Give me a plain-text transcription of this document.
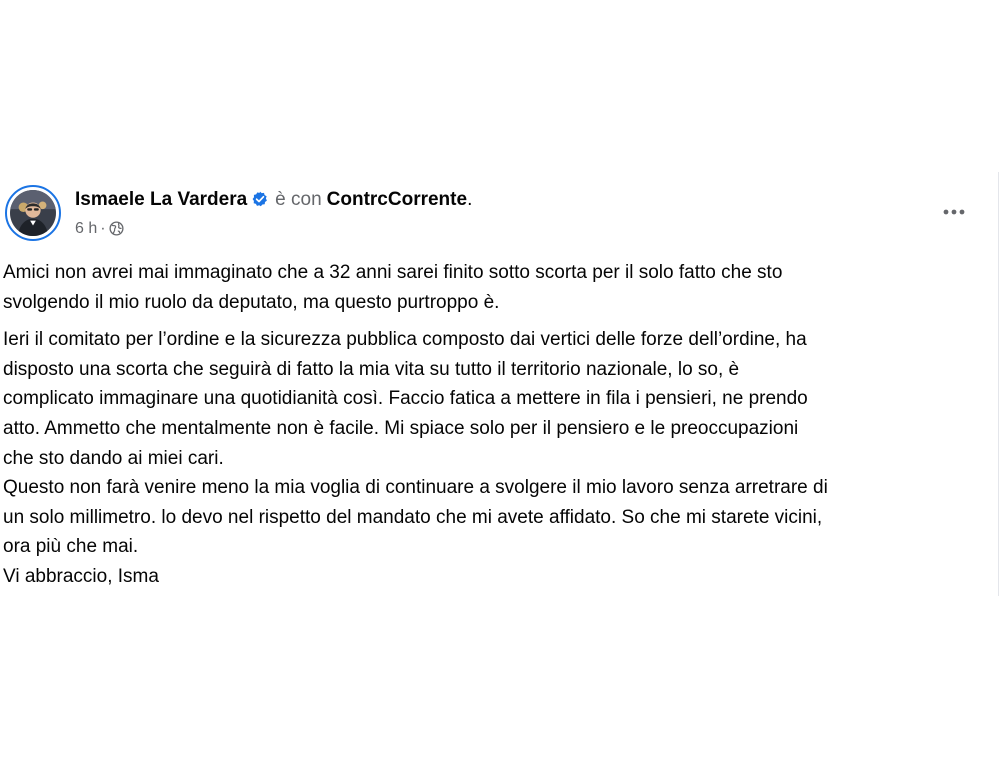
Ismaele La Vardera è con ContrcCorrente.
6 h ·

Amici non avrei mai immaginato che a 32 anni sarei finito sotto scorta per il solo fatto che sto
svolgendo il mio ruolo da deputato, ma questo purtroppo è.

Ieri il comitato per l’ordine e la sicurezza pubblica composto dai vertici delle forze dell’ordine, ha
disposto una scorta che seguirà di fatto la mia vita su tutto il territorio nazionale, lo so, è
complicato immaginare una quotidianità così. Faccio fatica a mettere in fila i pensieri, ne prendo
atto. Ammetto che mentalmente non è facile. Mi spiace solo per il pensiero e le preoccupazioni
che sto dando ai miei cari.
Questo non farà venire meno la mia voglia di continuare a svolgere il mio lavoro senza arretrare di
un solo millimetro. lo devo nel rispetto del mandato che mi avete affidato. So che mi starete vicini,
ora più che mai.
Vi abbraccio, Isma
